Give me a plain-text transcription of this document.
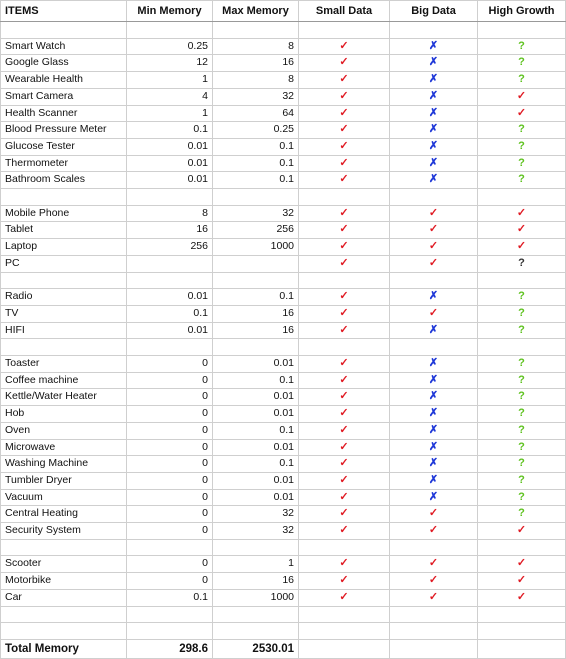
ITEMS	Min Memory	Max Memory	Small Data	Big Data	High Growth

Smart Watch	0.25	8	✓	✗	?
Google Glass	12	16	✓	✗	?
Wearable Health	1	8	✓	✗	?
Smart Camera	4	32	✓	✗	✓
Health Scanner	1	64	✓	✗	✓
Blood Pressure Meter	0.1	0.25	✓	✗	?
Glucose Tester	0.01	0.1	✓	✗	?
Thermometer	0.01	0.1	✓	✗	?
Bathroom Scales	0.01	0.1	✓	✗	?

Mobile Phone	8	32	✓	✓	✓
Tablet	16	256	✓	✓	✓
Laptop	256	1000	✓	✓	✓
PC			✓	✓	?

Radio	0.01	0.1	✓	✗	?
TV	0.1	16	✓	✓	?
HIFI	0.01	16	✓	✗	?

Toaster	0	0.01	✓	✗	?
Coffee machine	0	0.1	✓	✗	?
Kettle/Water Heater	0	0.01	✓	✗	?
Hob	0	0.01	✓	✗	?
Oven	0	0.1	✓	✗	?
Microwave	0	0.01	✓	✗	?
Washing Machine	0	0.1	✓	✗	?
Tumbler Dryer	0	0.01	✓	✗	?
Vacuum	0	0.01	✓	✗	?
Central Heating	0	32	✓	✓	?
Security System	0	32	✓	✓	✓

Scooter	0	1	✓	✓	✓
Motorbike	0	16	✓	✓	✓
Car	0.1	1000	✓	✓	✓

Total Memory	298.6	2530.01			
